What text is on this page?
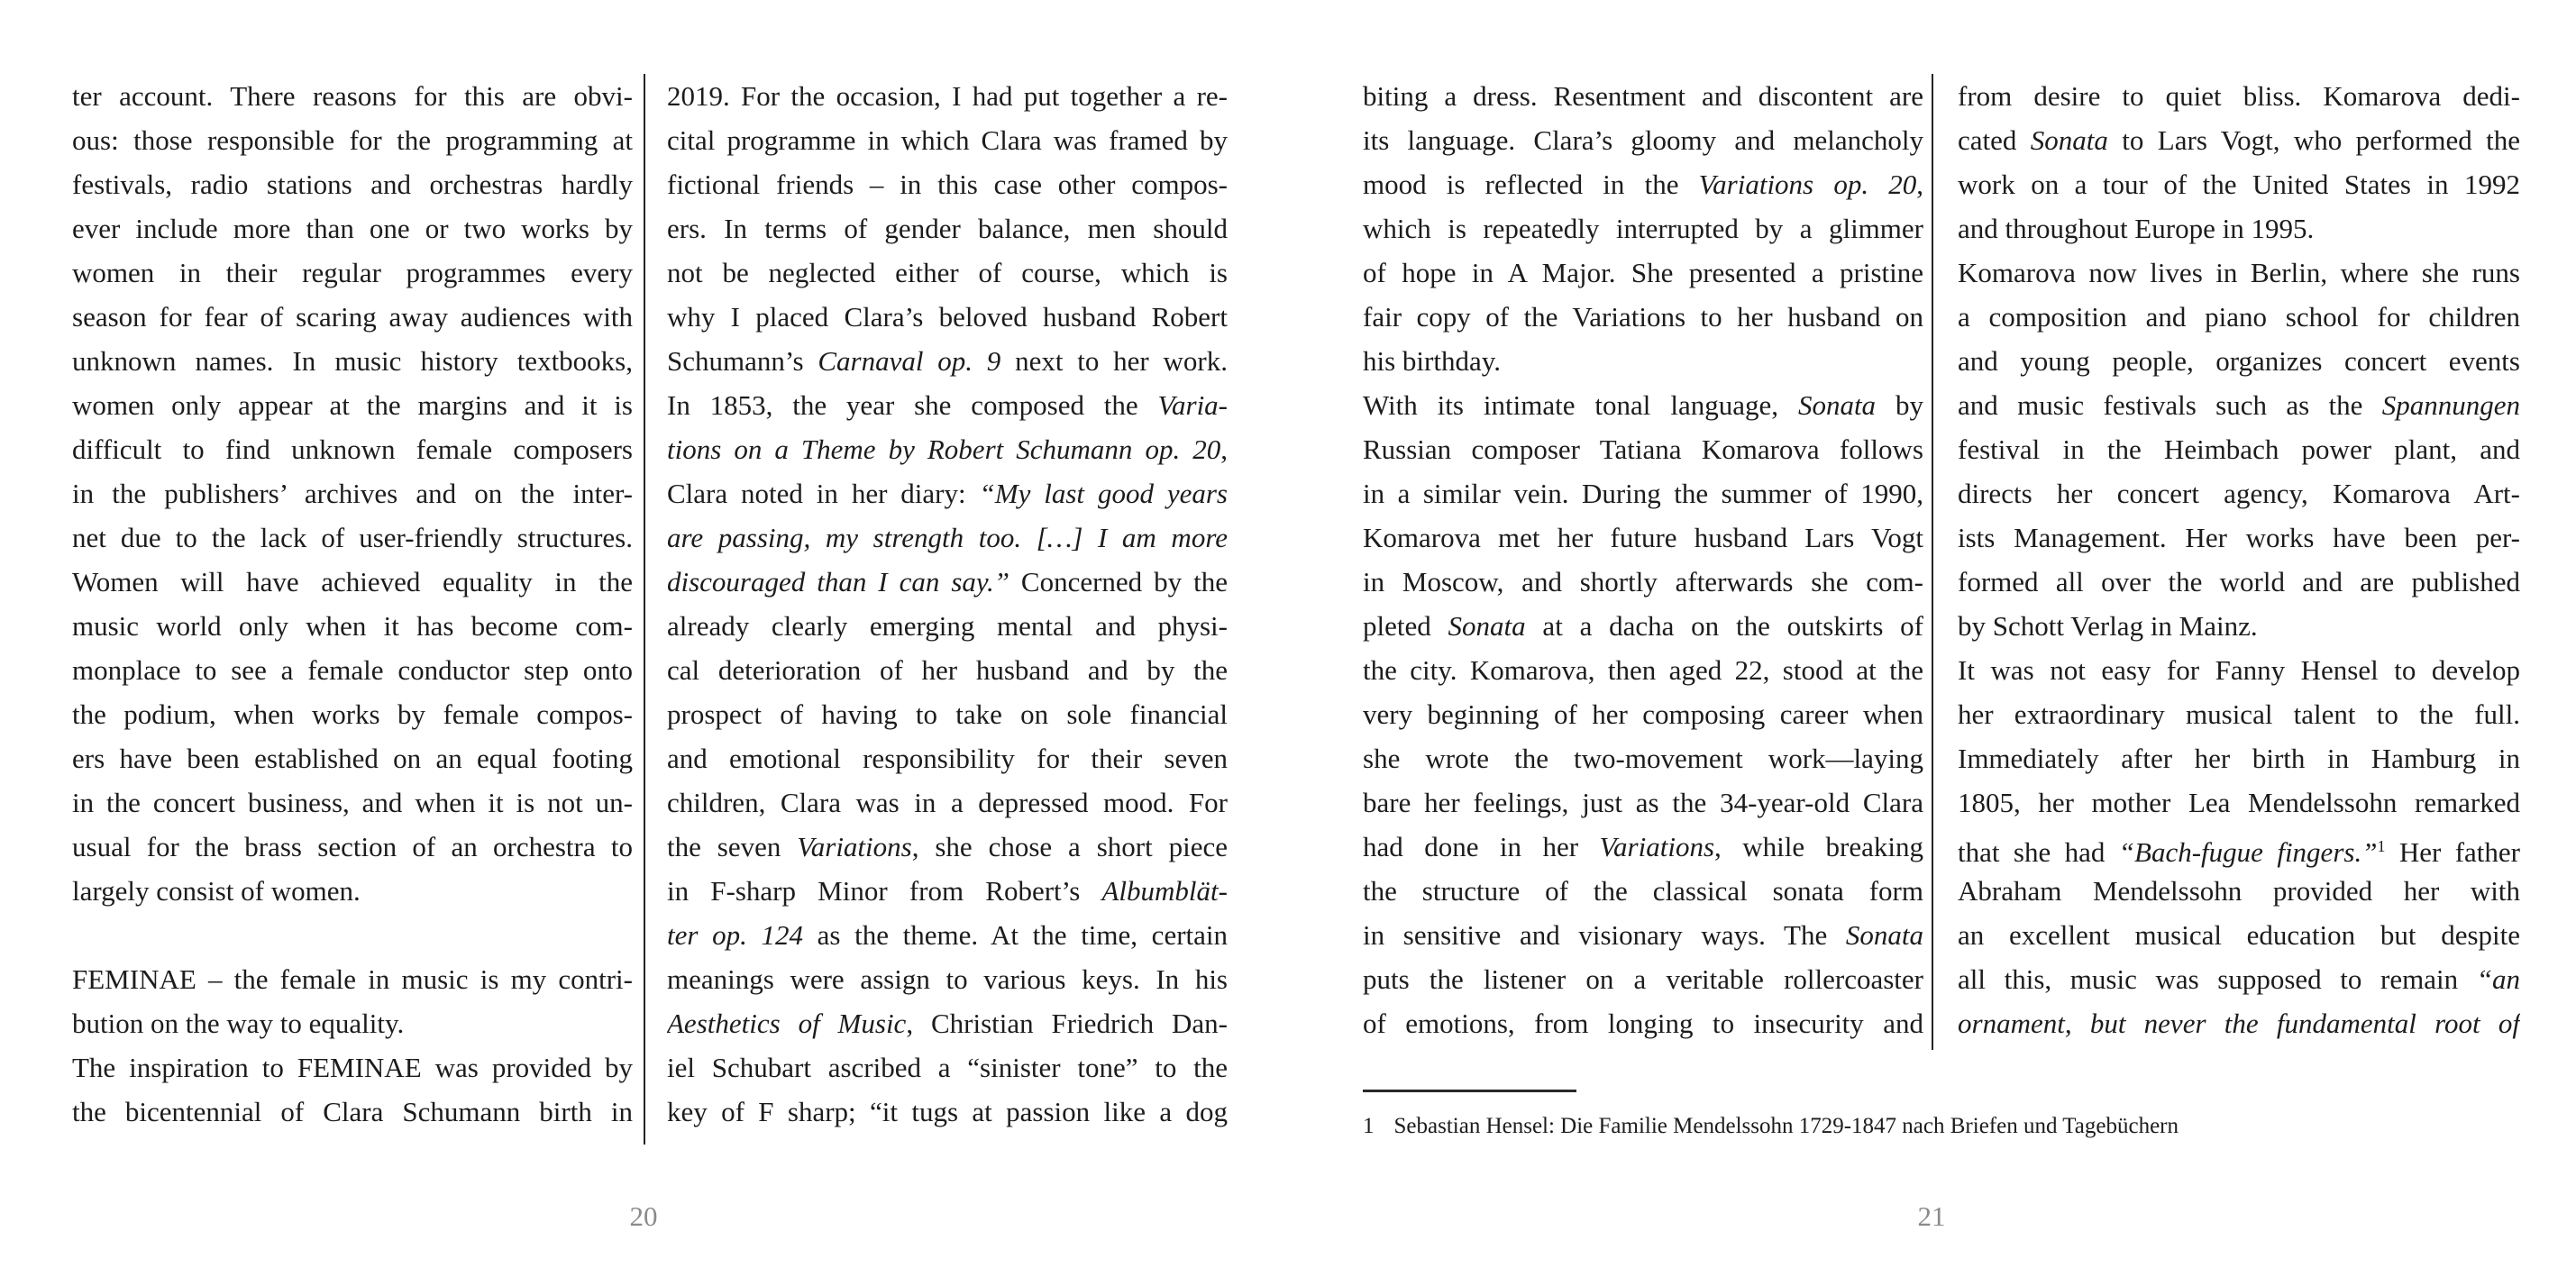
ter account. There reasons for this are obvi-
ous: those responsible for the programming at
festivals, radio stations and orchestras hardly
ever include more than one or two works by
women in their regular programmes every
season for fear of scaring away audiences with
unknown names. In music history textbooks,
women only appear at the margins and it is
difficult to find unknown female composers
in the publishers’ archives and on the inter-
net due to the lack of user-friendly structures.
Women will have achieved equality in the
music world only when it has become com-
monplace to see a female conductor step onto
the podium, when works by female compos-
ers have been established on an equal footing
in the concert business, and when it is not un-
usual for the brass section of an orchestra to
largely consist of women.

FEMINAE – the female in music is my contri-
bution on the way to equality.
The inspiration to FEMINAE was provided by
the bicentennial of Clara Schumann birth in
2019. For the occasion, I had put together a re-
cital programme in which Clara was framed by
fictional friends – in this case other compos-
ers. In terms of gender balance, men should
not be neglected either of course, which is
why I placed Clara’s beloved husband Robert
Schumann’s Carnaval op. 9 next to her work.
In 1853, the year she composed the Varia-
tions on a Theme by Robert Schumann op. 20,
Clara noted in her diary: “My last good years
are passing, my strength too. […] I am more
discouraged than I can say.” Concerned by the
already clearly emerging mental and physi-
cal deterioration of her husband and by the
prospect of having to take on sole financial
and emotional responsibility for their seven
children, Clara was in a depressed mood. For
the seven Variations, she chose a short piece
in F-sharp Minor from Robert’s Albumblät-
ter op. 124 as the theme. At the time, certain
meanings were assign to various keys. In his
Aesthetics of Music, Christian Friedrich Dan-
iel Schubart ascribed a “sinister tone” to the
key of F sharp; “it tugs at passion like a dog
20
biting a dress. Resentment and discontent are
its language. Clara’s gloomy and melancholy
mood is reflected in the Variations op. 20,
which is repeatedly interrupted by a glimmer
of hope in A Major. She presented a pristine
fair copy of the Variations to her husband on
his birthday.
With its intimate tonal language, Sonata by
Russian composer Tatiana Komarova follows
in a similar vein. During the summer of 1990,
Komarova met her future husband Lars Vogt
in Moscow, and shortly afterwards she com-
pleted Sonata at a dacha on the outskirts of
the city. Komarova, then aged 22, stood at the
very beginning of her composing career when
she wrote the two-movement work—laying
bare her feelings, just as the 34-year-old Clara
had done in her Variations, while breaking
the structure of the classical sonata form
in sensitive and visionary ways. The Sonata
puts the listener on a veritable rollercoaster
of emotions, from longing to insecurity and
from desire to quiet bliss. Komarova dedi-
cated Sonata to Lars Vogt, who performed the
work on a tour of the United States in 1992
and throughout Europe in 1995.
Komarova now lives in Berlin, where she runs
a composition and piano school for children
and young people, organizes concert events
and music festivals such as the Spannungen
festival in the Heimbach power plant, and
directs her concert agency, Komarova Art-
ists Management. Her works have been per-
formed all over the world and are published
by Schott Verlag in Mainz.
It was not easy for Fanny Hensel to develop
her extraordinary musical talent to the full.
Immediately after her birth in Hamburg in
1805, her mother Lea Mendelssohn remarked
that she had “Bach-fugue fingers.”$^1$ Her father
Abraham Mendelssohn provided her with
an excellent musical education but despite
all this, music was supposed to remain “an
ornament, but never the fundamental root of
1 Sebastian Hensel: Die Familie Mendelssohn 1729-1847 nach Briefen und Tagebüchern
21
